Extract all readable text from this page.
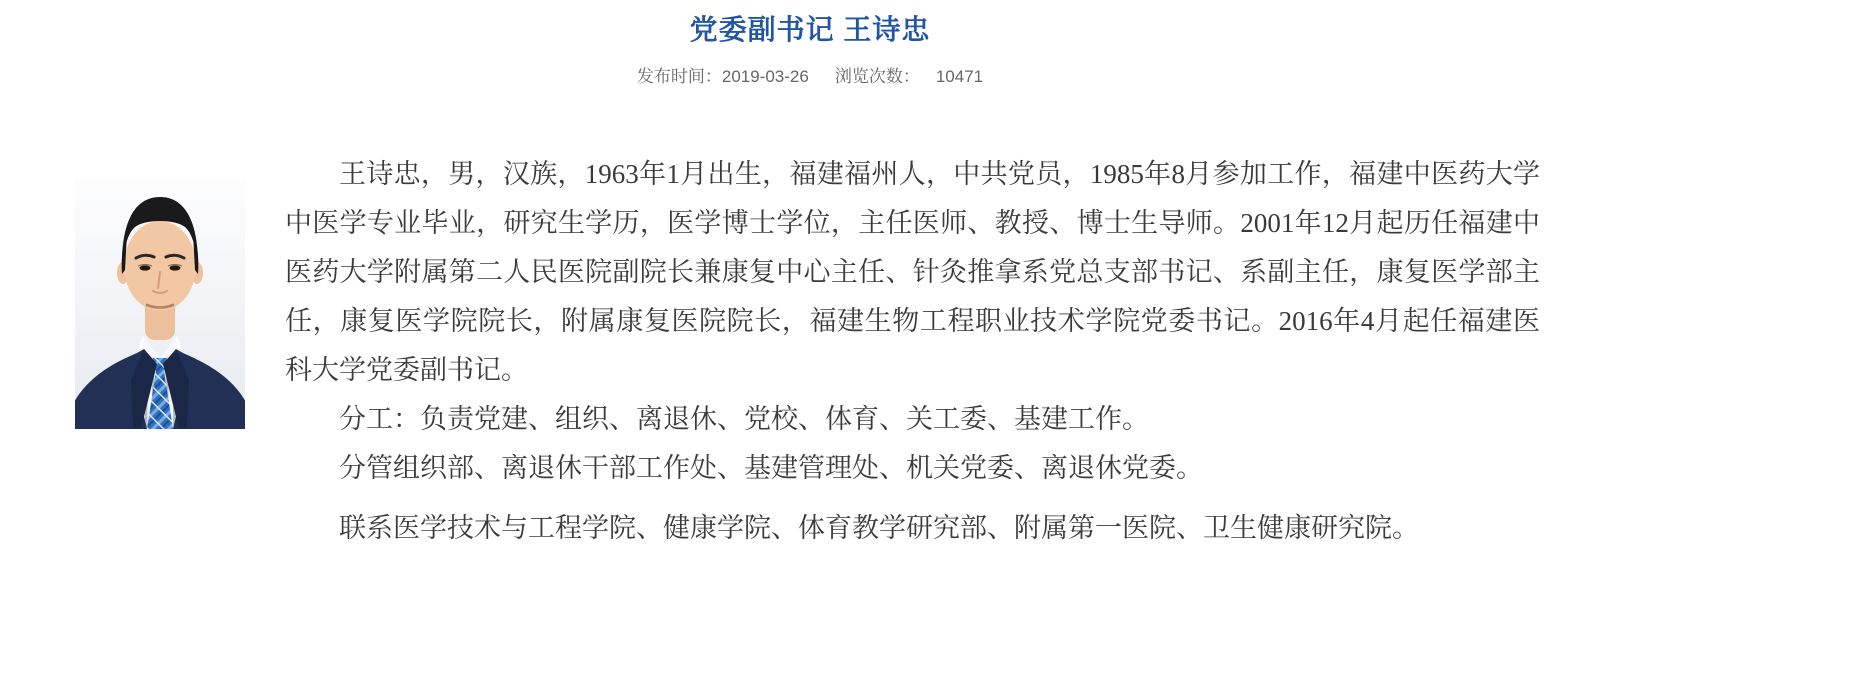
党委副书记 王诗忠
发布时间：2019-03-26 浏览次数： 10471

王诗忠，男，汉族，1963年1月出生，福建福州人，中共党员，1985年8月参加工作，福建中医药大学中医学专业毕业，研究生学历，医学博士学位，主任医师、教授、博士生导师。2001年12月起历任福建中医药大学附属第二人民医院副院长兼康复中心主任、针灸推拿系党总支部书记、系副主任，康复医学部主任，康复医学院院长，附属康复医院院长，福建生物工程职业技术学院党委书记。2016年4月起任福建医科大学党委副书记。

分工：负责党建、组织、离退休、党校、体育、关工委、基建工作。

分管组织部、离退休干部工作处、基建管理处、机关党委、离退休党委。

联系医学技术与工程学院、健康学院、体育教学研究部、附属第一医院、卫生健康研究院。
